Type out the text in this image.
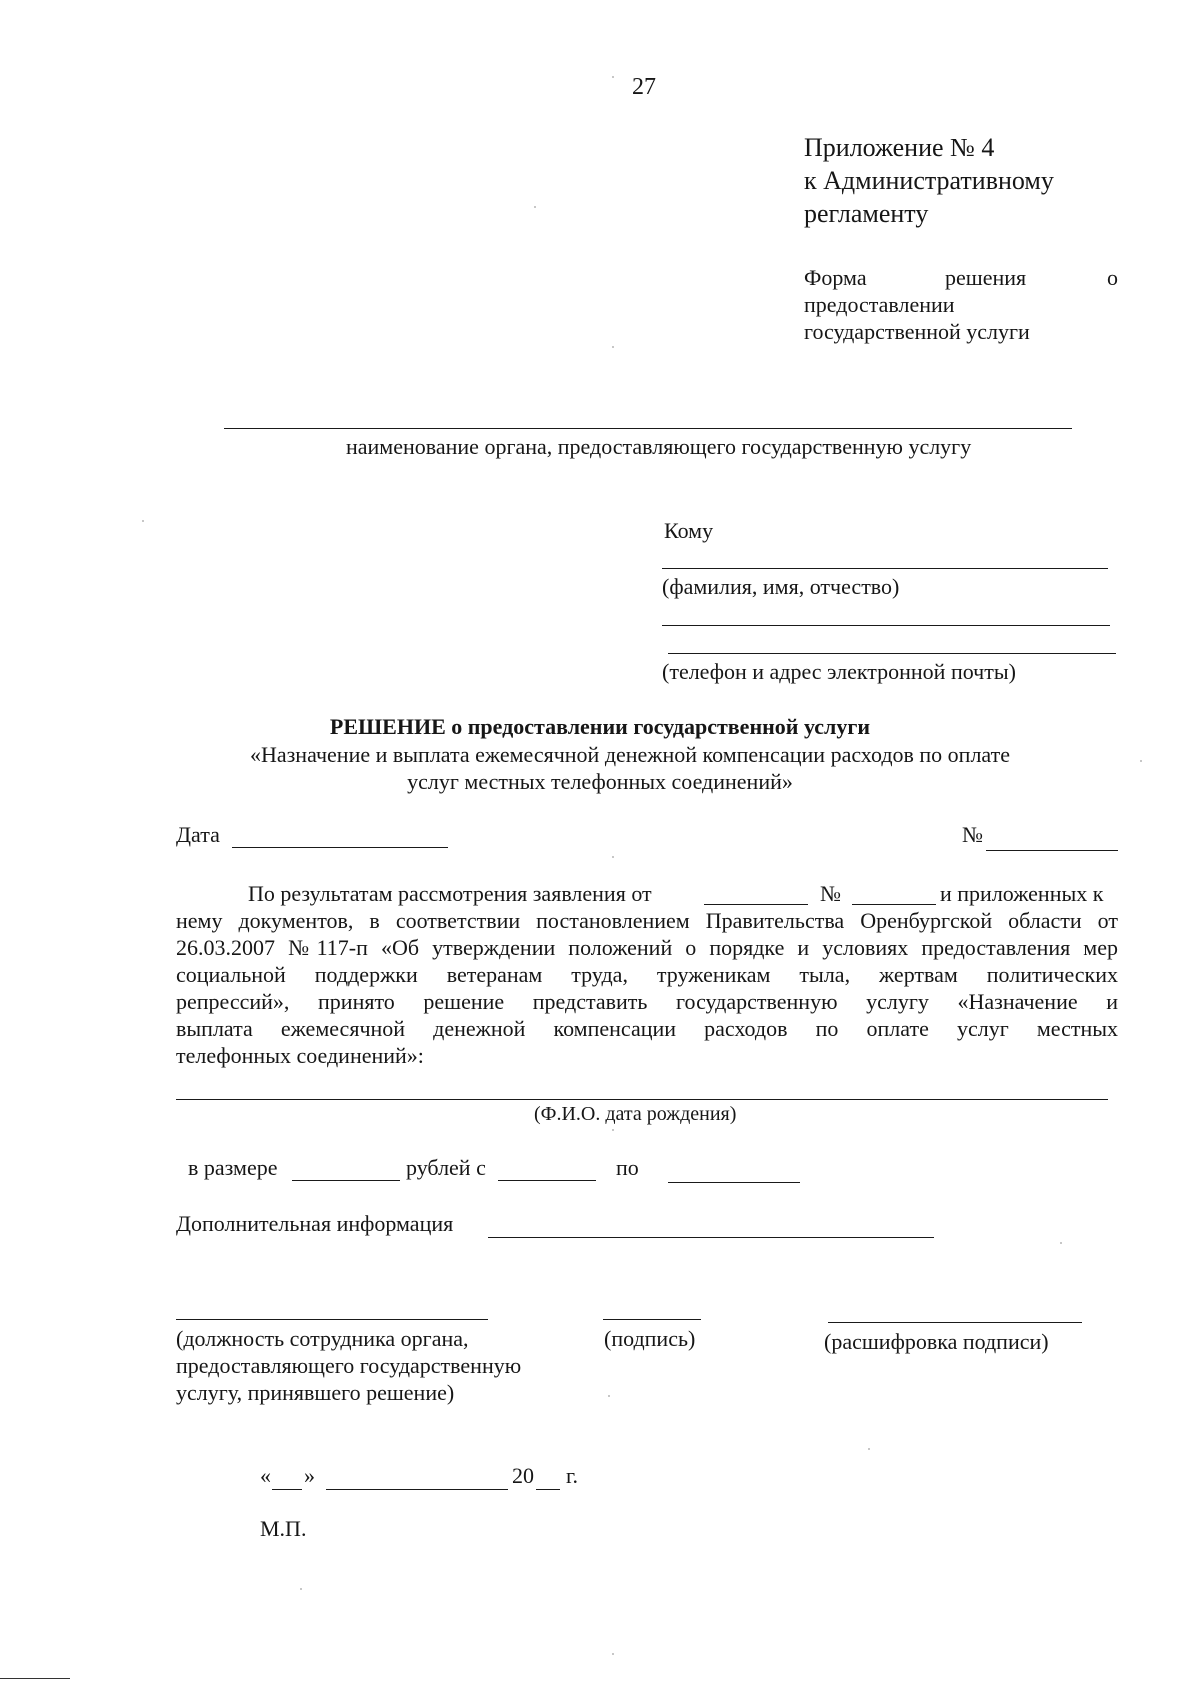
27
Приложение № 4
к Административному
регламенту
Форма	решения	о
предоставлении
государственной услуги
наименование органа, предоставляющего государственную услугу
Кому
(фамилия, имя, отчество)
(телефон и адрес электронной почты)
РЕШЕНИЕ о предоставлении государственной услуги
«Назначение и выплата ежемесячной денежной компенсации расходов по оплате
услуг местных телефонных соединений»
Дата	№
По результатам рассмотрения заявления от	№	и приложенных к
нему документов, в соответствии постановлением Правительства Оренбургской области от
26.03.2007 №117-п «Об утверждении положений о порядке и условиях предоставления мер
социальной поддержки ветеранам труда, труженикам тыла, жертвам политических
репрессий», принято решение представить государственную услугу «Назначение и
выплата ежемесячной денежной компенсации расходов по оплате услуг местных
телефонных соединений»:
(Ф.И.О. дата рождения)
в размере	рублей с	по
Дополнительная информация
(должность сотрудника органа,
предоставляющего государственную
услугу, принявшего решение)
(подпись)	(расшифровка подписи)
« »	20 г.
М.П.
